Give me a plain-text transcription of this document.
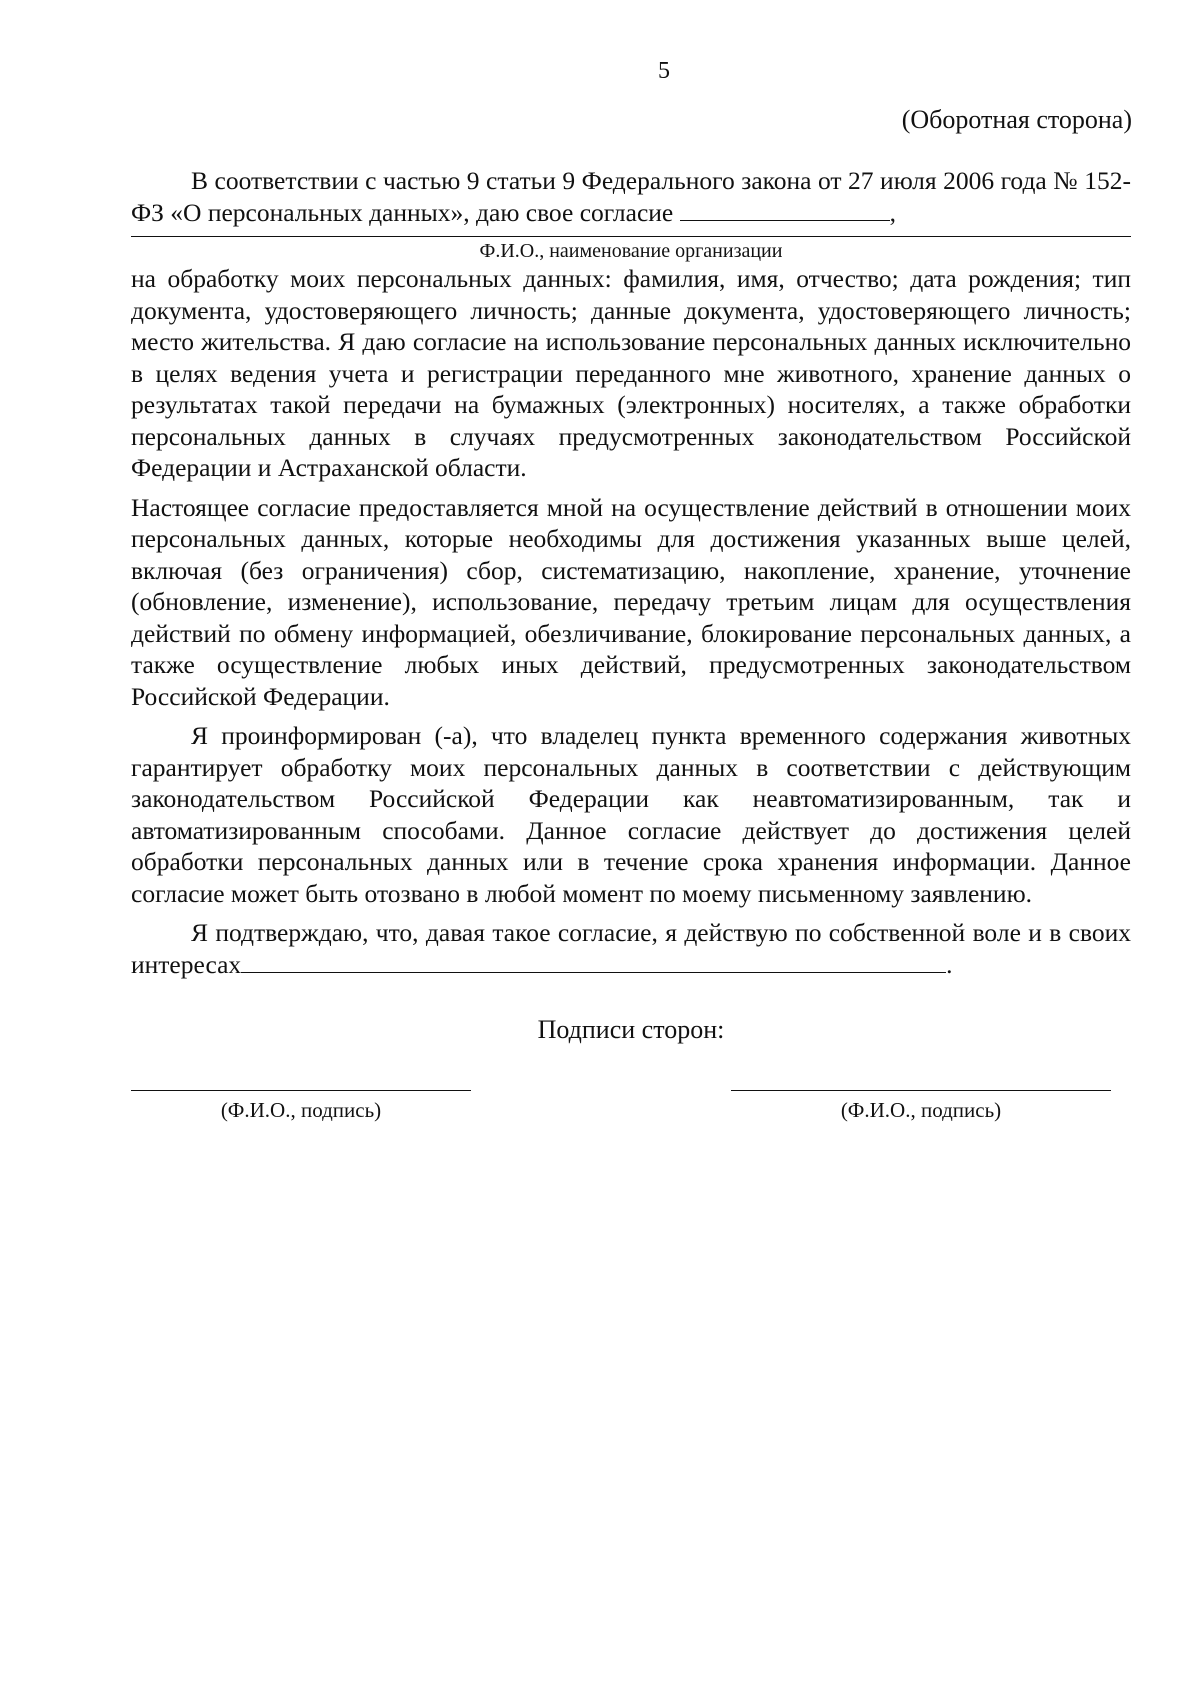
5
(Оборотная сторона)

В соответствии с частью 9 статьи 9 Федерального закона от 27 июля 2006 года № 152-ФЗ «О персональных данных», даю свое согласие	,

Ф.И.О., наименование организации

на обработку моих персональных данных: фамилия, имя, отчество; дата рождения; тип документа, удостоверяющего личность; данные документа, удостоверяющего личность; место жительства. Я даю согласие на использование персональных данных исключительно в целях ведения учета и регистрации переданного мне животного, хранение данных о результатах такой передачи на бумажных (электронных) носителях, а также обработки персональных данных в случаях предусмотренных законодательством Российской Федерации и Астраханской области.

Настоящее согласие предоставляется мной на осуществление действий в отношении моих персональных данных, которые необходимы для достижения указанных выше целей, включая (без ограничения) сбор, систематизацию, накопление, хранение, уточнение (обновление, изменение), использование, передачу третьим лицам для осуществления действий по обмену информацией, обезличивание, блокирование персональных данных, а также осуществление любых иных действий, предусмотренных законодательством Российской Федерации.

Я проинформирован (-а), что владелец пункта временного содержания животных гарантирует обработку моих персональных данных в соответствии с действующим законодательством Российской Федерации как неавтоматизированным, так и автоматизированным способами. Данное согласие действует до достижения целей обработки персональных данных или в течение срока хранения информации. Данное согласие может быть отозвано в любой момент по моему письменному заявлению.

Я подтверждаю, что, давая такое согласие, я действую по собственной воле и в своих интересах	.

Подписи сторон:
(Ф.И.О., подпись)	(Ф.И.О., подпись)
